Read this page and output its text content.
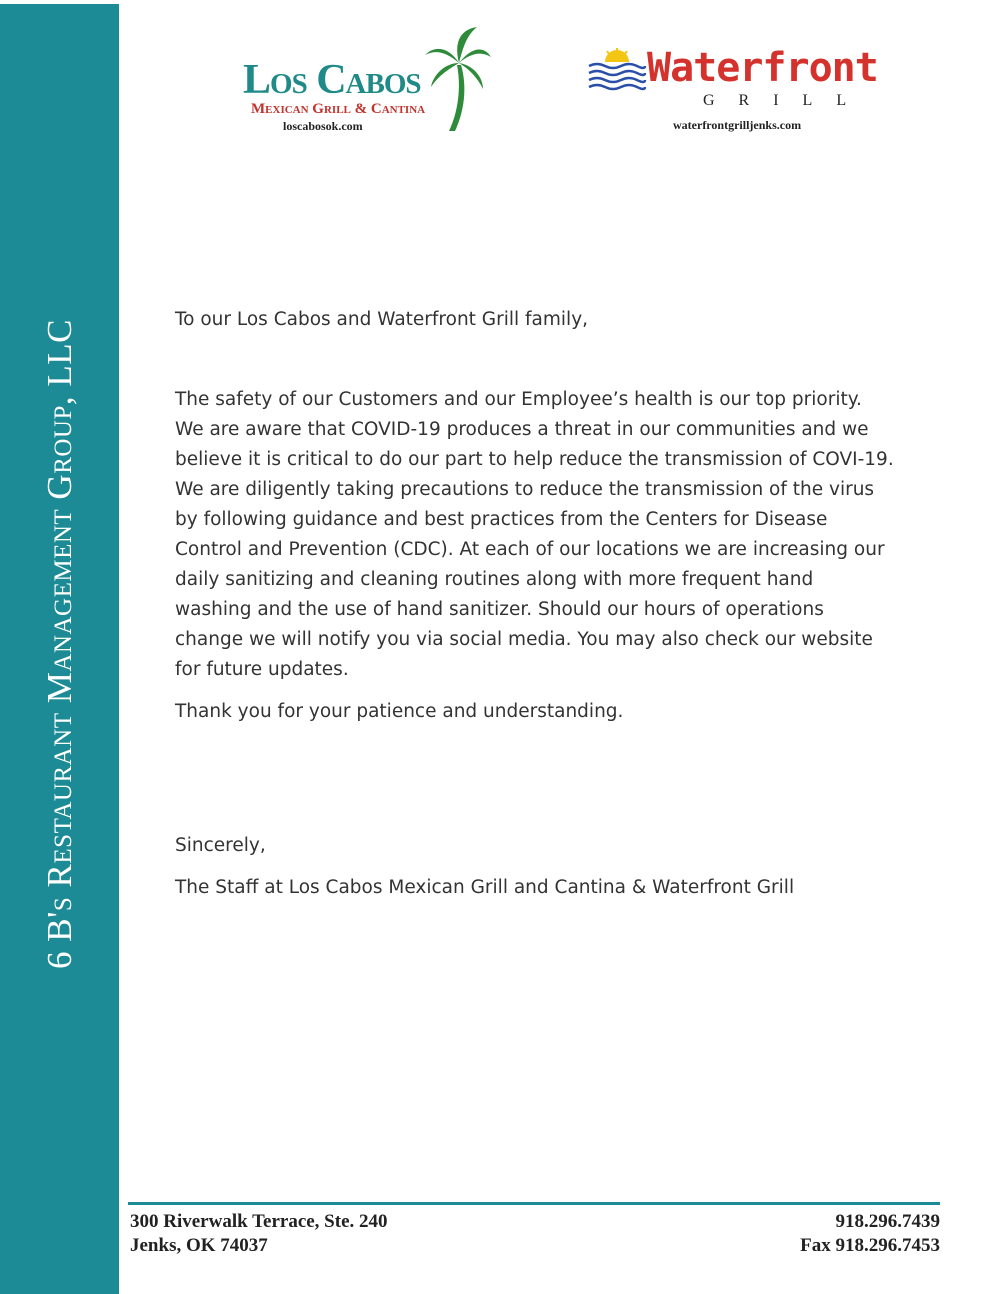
6 B's Restaurant Management Group, LLC
Los Cabos
Mexican Grill & Cantina
loscabosok.com
Waterfront
GRILL
waterfrontgrilljenks.com

To our Los Cabos and Waterfront Grill family,

The safety of our Customers and our Employee’s health is our top priority. We are aware that COVID-19 produces a threat in our communities and we believe it is critical to do our part to help reduce the transmission of COVI-19. We are diligently taking precautions to reduce the transmission of the virus by following guidance and best practices from the Centers for Disease Control and Prevention (CDC). At each of our locations we are increasing our daily sanitizing and cleaning routines along with more frequent hand washing and the use of hand sanitizer. Should our hours of operations change we will notify you via social media. You may also check our website for future updates.

Thank you for your patience and understanding.

Sincerely,

The Staff at Los Cabos Mexican Grill and Cantina & Waterfront Grill

300 Riverwalk Terrace, Ste. 240
Jenks, OK 74037
918.296.7439
Fax 918.296.7453
